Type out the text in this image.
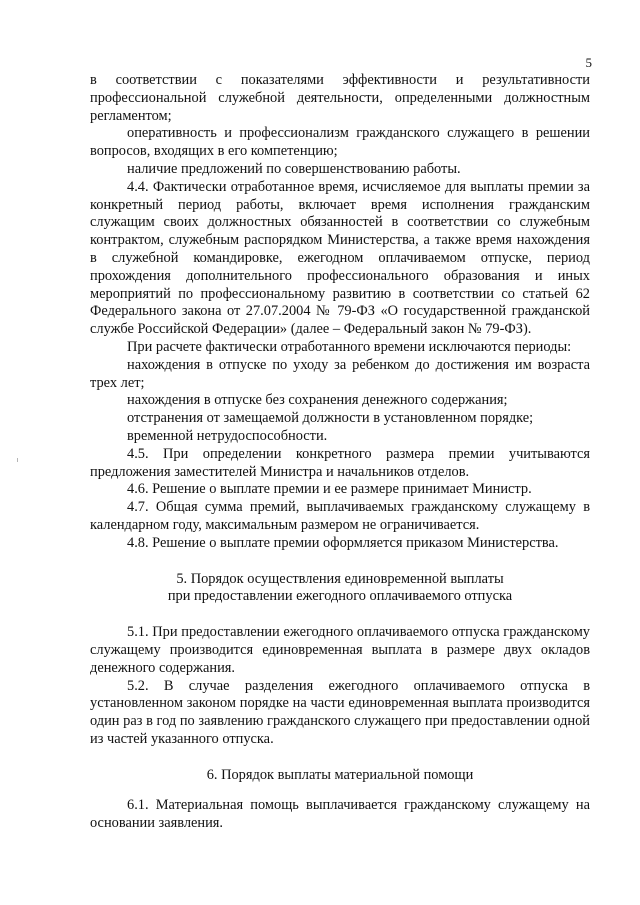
5

в соответствии с показателями эффективности и результативности профессиональной служебной деятельности, определенными должностным регламентом;

оперативность и профессионализм гражданского служащего в решении вопросов, входящих в его компетенцию;

наличие предложений по совершенствованию работы.

4.4. Фактически отработанное время, исчисляемое для выплаты премии за конкретный период работы, включает время исполнения гражданским служащим своих должностных обязанностей в соответствии со служебным контрактом, служебным распорядком Министерства, а также время нахождения в служебной командировке, ежегодном оплачиваемом отпуске, период прохождения дополнительного профессионального образования и иных мероприятий по профессиональному развитию в соответствии со статьей 62 Федерального закона от 27.07.2004 № 79-ФЗ «О государственной гражданской службе Российской Федерации» (далее – Федеральный закон № 79-ФЗ).

При расчете фактически отработанного времени исключаются периоды:

нахождения в отпуске по уходу за ребенком до достижения им возраста трех лет;

нахождения в отпуске без сохранения денежного содержания;

отстранения от замещаемой должности в установленном порядке;

временной нетрудоспособности.

4.5. При определении конкретного размера премии учитываются предложения заместителей Министра и начальников отделов.

4.6. Решение о выплате премии и ее размере принимает Министр.

4.7. Общая сумма премий, выплачиваемых гражданскому служащему в календарном году, максимальным размером не ограничивается.

4.8. Решение о выплате премии оформляется приказом Министерства.

5. Порядок осуществления единовременной выплаты

при предоставлении ежегодного оплачиваемого отпуска

5.1. При предоставлении ежегодного оплачиваемого отпуска гражданскому служащему производится единовременная выплата в размере двух окладов денежного содержания.

5.2. В случае разделения ежегодного оплачиваемого отпуска в установленном законом порядке на части единовременная выплата производится один раз в год по заявлению гражданского служащего при предоставлении одной из частей указанного отпуска.

6. Порядок выплаты материальной помощи

6.1. Материальная помощь выплачивается гражданскому служащему на основании заявления.
